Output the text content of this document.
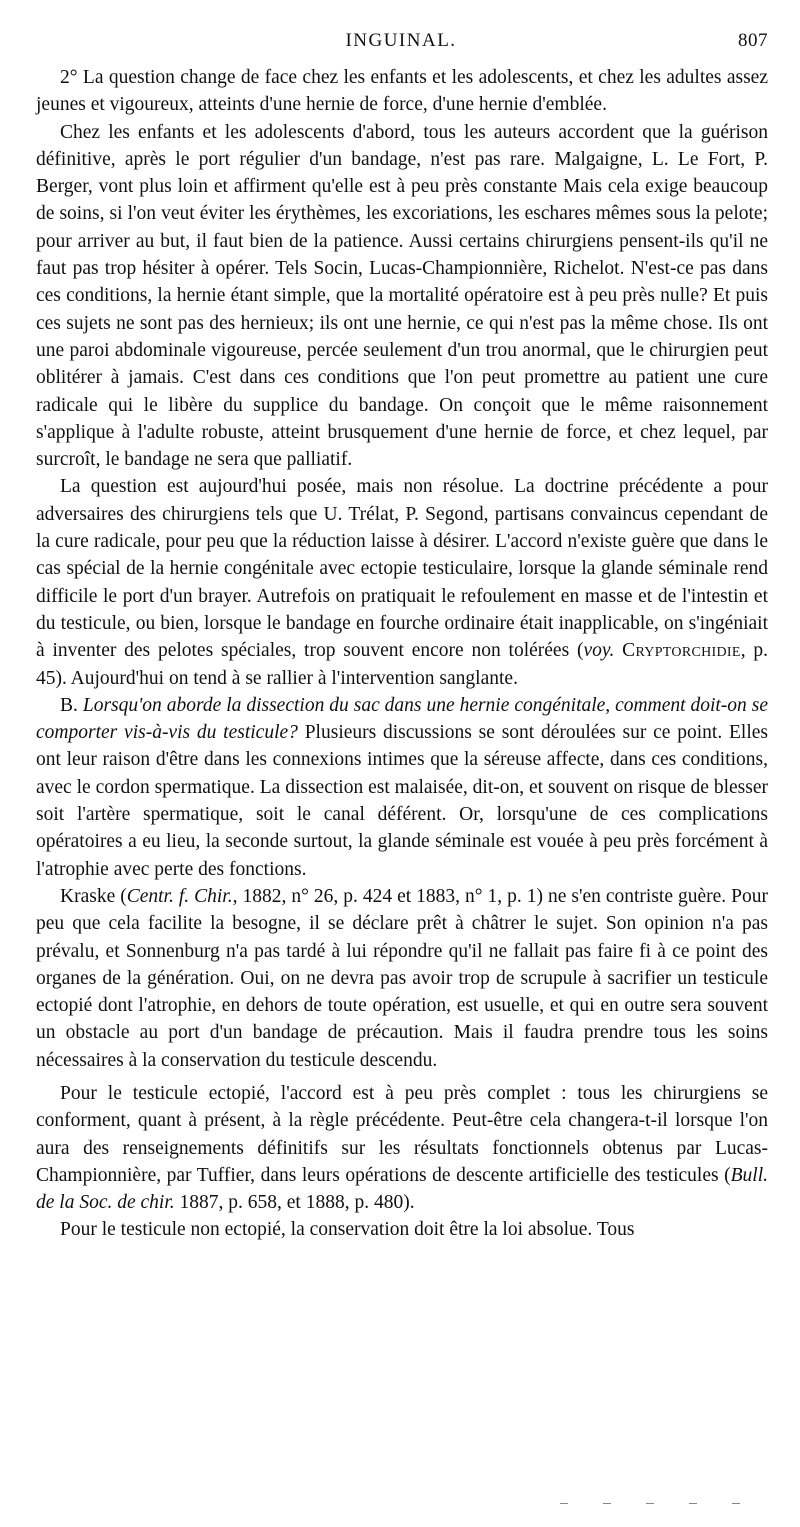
INGUINAL.	807

2° La question change de face chez les enfants et les adolescents, et chez les adultes assez jeunes et vigoureux, atteints d'une hernie de force, d'une hernie d'emblée.

Chez les enfants et les adolescents d'abord, tous les auteurs accordent que la guérison définitive, après le port régulier d'un bandage, n'est pas rare. Malgaigne, L. Le Fort, P. Berger, vont plus loin et affirment qu'elle est à peu près constante Mais cela exige beaucoup de soins, si l'on veut éviter les érythèmes, les excoriations, les eschares mêmes sous la pelote; pour arriver au but, il faut bien de la patience. Aussi certains chirurgiens pensent-ils qu'il ne faut pas trop hésiter à opérer. Tels Socin, Lucas-Championnière, Richelot. N'est-ce pas dans ces conditions, la hernie étant simple, que la mortalité opératoire est à peu près nulle? Et puis ces sujets ne sont pas des hernieux; ils ont une hernie, ce qui n'est pas la même chose. Ils ont une paroi abdominale vigoureuse, percée seulement d'un trou anormal, que le chirurgien peut oblitérer à jamais. C'est dans ces conditions que l'on peut promettre au patient une cure radicale qui le libère du supplice du bandage. On conçoit que le même raisonnement s'applique à l'adulte robuste, atteint brusquement d'une hernie de force, et chez lequel, par surcroît, le bandage ne sera que palliatif.

La question est aujourd'hui posée, mais non résolue. La doctrine précédente a pour adversaires des chirurgiens tels que U. Trélat, P. Segond, partisans convaincus cependant de la cure radicale, pour peu que la réduction laisse à désirer. L'accord n'existe guère que dans le cas spécial de la hernie congénitale avec ectopie testiculaire, lorsque la glande séminale rend difficile le port d'un brayer. Autrefois on pratiquait le refoulement en masse et de l'intestin et du testicule, ou bien, lorsque le bandage en fourche ordinaire était inapplicable, on s'ingéniait à inventer des pelotes spéciales, trop souvent encore non tolérées (voy. Cryptorchidie, p. 45). Aujourd'hui on tend à se rallier à l'intervention sanglante.

B. Lorsqu'on aborde la dissection du sac dans une hernie congénitale, comment doit-on se comporter vis-à-vis du testicule? Plusieurs discussions se sont déroulées sur ce point. Elles ont leur raison d'être dans les connexions intimes que la séreuse affecte, dans ces conditions, avec le cordon spermatique. La dissection est malaisée, dit-on, et souvent on risque de blesser soit l'artère spermatique, soit le canal déférent. Or, lorsqu'une de ces complications opératoires a eu lieu, la seconde surtout, la glande séminale est vouée à peu près forcément à l'atrophie avec perte des fonctions.

Kraske (Centr. f. Chir., 1882, n° 26, p. 424 et 1883, n° 1, p. 1) ne s'en contriste guère. Pour peu que cela facilite la besogne, il se déclare prêt à châtrer le sujet. Son opinion n'a pas prévalu, et Sonnenburg n'a pas tardé à lui répondre qu'il ne fallait pas faire fi à ce point des organes de la génération. Oui, on ne devra pas avoir trop de scrupule à sacrifier un testicule ectopié dont l'atrophie, en dehors de toute opération, est usuelle, et qui en outre sera souvent un obstacle au port d'un bandage de précaution. Mais il faudra prendre tous les soins nécessaires à la conservation du testicule descendu.

Pour le testicule ectopié, l'accord est à peu près complet : tous les chirurgiens se conforment, quant à présent, à la règle précédente. Peut-être cela changera-t-il lorsque l'on aura des renseignements définitifs sur les résultats fonctionnels obtenus par Lucas-Championnière, par Tuffier, dans leurs opérations de descente artificielle des testicules (Bull. de la Soc. de chir. 1887, p. 658, et 1888, p. 480).

Pour le testicule non ectopié, la conservation doit être la loi absolue. Tous
